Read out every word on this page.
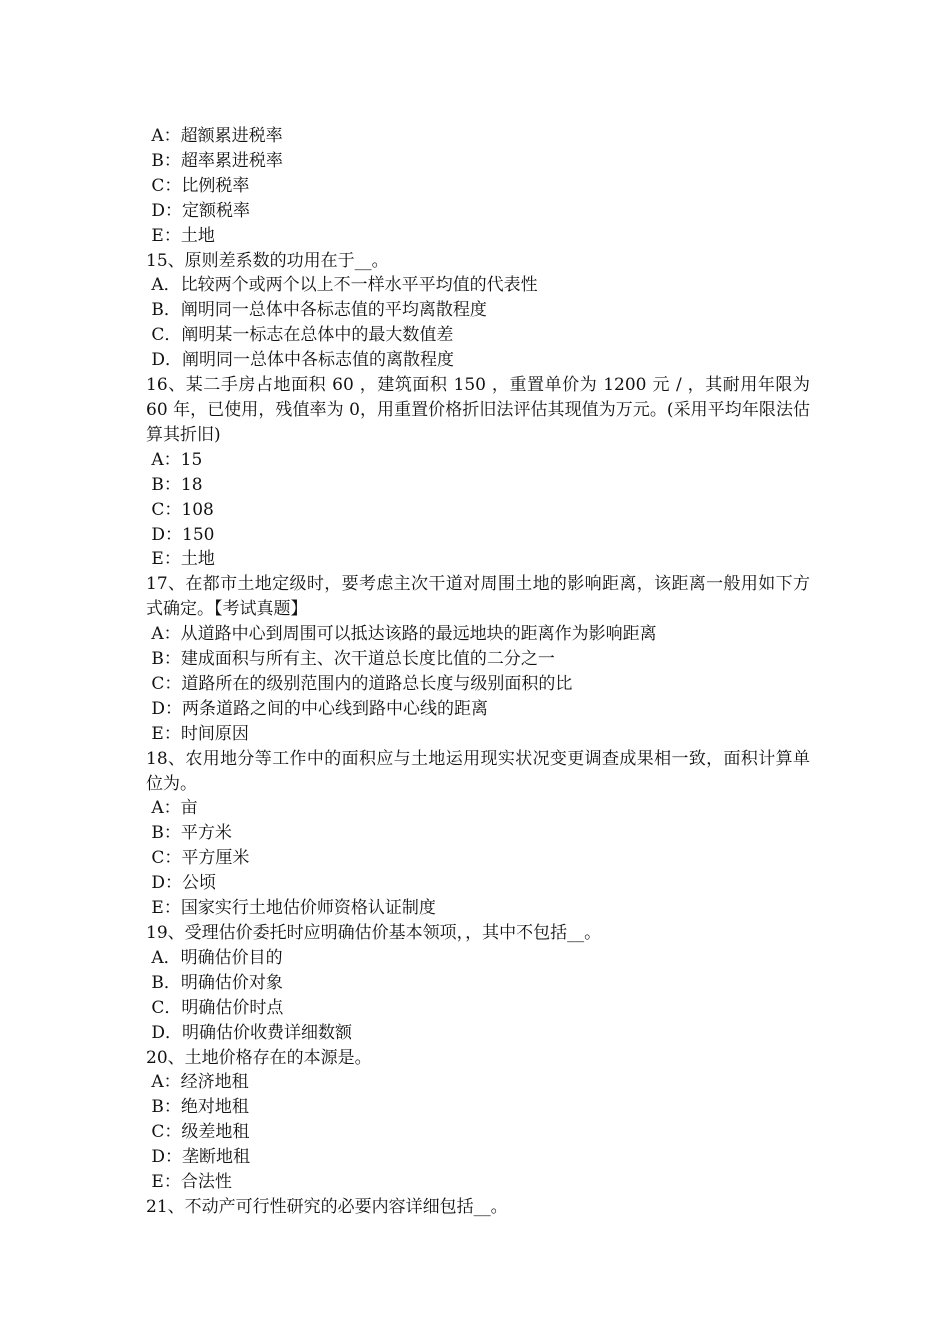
A：超额累进税率
B：超率累进税率
C：比例税率
D：定额税率
E：土地
15、原则差系数的功用在于__。
A．比较两个或两个以上不一样水平平均值的代表性
B．阐明同一总体中各标志值的平均离散程度
C．阐明某一标志在总体中的最大数值差
D．阐明同一总体中各标志值的离散程度
16、某二手房占地面积 60 ，建筑面积 150 ，重置单价为 1200 元 / ，其耐用年限为 60 年，已使用，残值率为 0，用重置价格折旧法评估其现值为万元。(采用平均年限法估算其折旧)
A：15
B：18
C：108
D：150
E：土地
17、在都市土地定级时，要考虑主次干道对周围土地的影响距离，该距离一般用如下方式确定。【考试真题】
A：从道路中心到周围可以抵达该路的最远地块的距离作为影响距离
B：建成面积与所有主、次干道总长度比值的二分之一
C：道路所在的级别范围内的道路总长度与级别面积的比
D：两条道路之间的中心线到路中心线的距离
E：时间原因
18、农用地分等工作中的面积应与土地运用现实状况变更调查成果相一致，面积计算单位为。
A：亩
B：平方米
C：平方厘米
D：公顷
E：国家实行土地估价师资格认证制度
19、受理估价委托时应明确估价基本领项，，其中不包括__。
A．明确估价目的
B．明确估价对象
C．明确估价时点
D．明确估价收费详细数额
20、土地价格存在的本源是。
A：经济地租
B：绝对地租
C：级差地租
D：垄断地租
E：合法性
21、不动产可行性研究的必要内容详细包括__。
